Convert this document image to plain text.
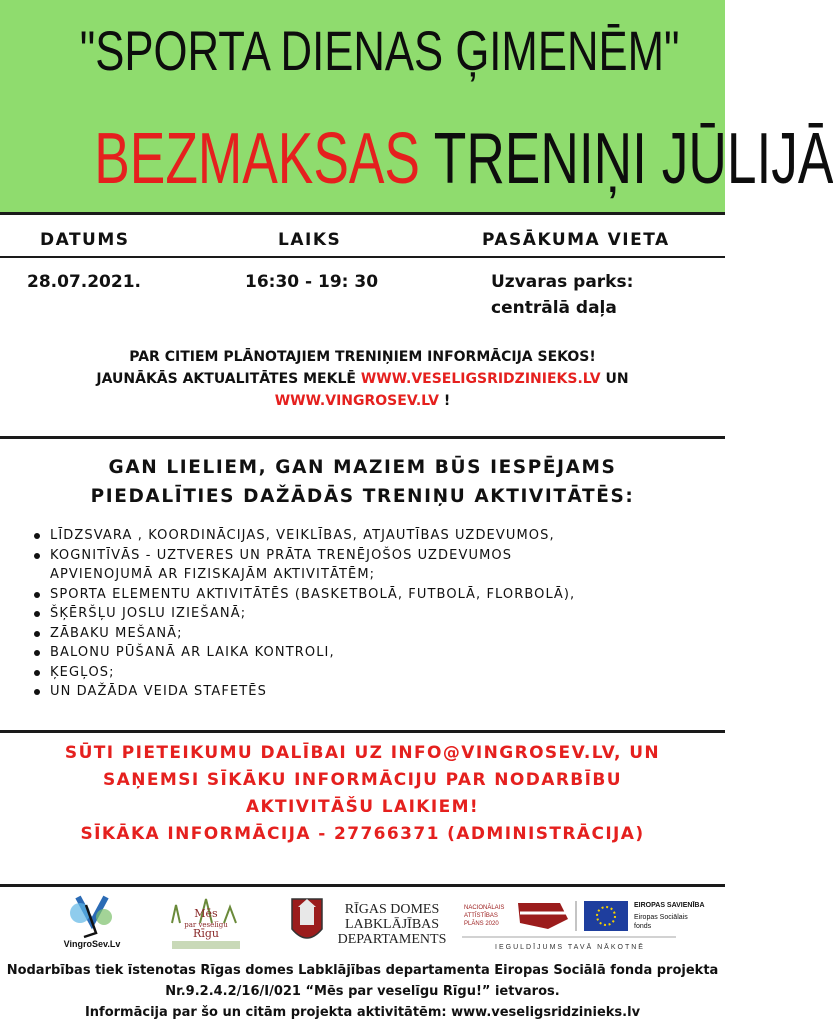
"SPORTA DIENAS ĢIMENĒM"
BEZMAKSAS TRENIŅI JŪLIJĀ
DATUMS	LAIKS	PASĀKUMA VIETA
28.07.2021.	16:30 - 19: 30	Uzvaras parks:
centrālā daļa
PAR CITIEM PLĀNOTAJIEM TRENIŅIEM INFORMĀCIJA SEKOS!
JAUNĀKĀS AKTUALITĀTES MEKLĒ WWW.VESELIGSRIDZINIEKS.LV UN
WWW.VINGROSEV.LV !
GAN LIELIEM, GAN MAZIEM BŪS IESPĒJAMS
PIEDALĪTIES DAŽĀDĀS TRENIŅU AKTIVITĀTĒS:
LĪDZSVARA , KOORDINĀCIJAS, VEIKLĪBAS, ATJAUTĪBAS UZDEVUMOS,
KOGNITĪVĀS - UZTVERES UN PRĀTA TRENĒJOŠOS UZDEVUMOS
APVIENOJUMĀ AR FIZISKAJĀM AKTIVITĀTĒM;
SPORTA ELEMENTU AKTIVITĀTĒS (BASKETBOLĀ, FUTBOLĀ, FLORBOLĀ),
ŠĶĒRŠĻU JOSLU IZIEŠANĀ;
ZĀBAKU MEŠANĀ;
BALONU PŪŠANĀ AR LAIKA KONTROLI,
ĶEGĻOS;
UN DAŽĀDA VEIDA STAFETĒS
SŪTI PIETEIKUMU DALĪBAI UZ INFO@VINGROSEV.LV, UN
SAŅEMSI SĪKĀKU INFORMĀCIJU PAR NODARBĪBU
AKTIVITĀŠU LAIKIEM!
SĪKĀKA INFORMĀCIJA - 27766371 (ADMINISTRĀCIJA)
VingroSev.Lv
Mēs
par veselīgu
Rīgu
RĪGAS DOMES
LABKLĀJĪBAS
DEPARTAMENTS
NACIONĀLAIS
ATTĪSTĪBAS
PLĀNS 2020
EIROPAS SAVIENĪBA
Eiropas Sociālais
fonds
IEGULDĪJUMS TAVĀ NĀKOTNĒ
Nodarbības tiek īstenotas Rīgas domes Labklājības departamenta Eiropas Sociālā fonda projekta
Nr.9.2.4.2/16/I/021 “Mēs par veselīgu Rīgu!” ietvaros.
Informācija par šo un citām projekta aktivitātēm: www.veseligsridzinieks.lv
